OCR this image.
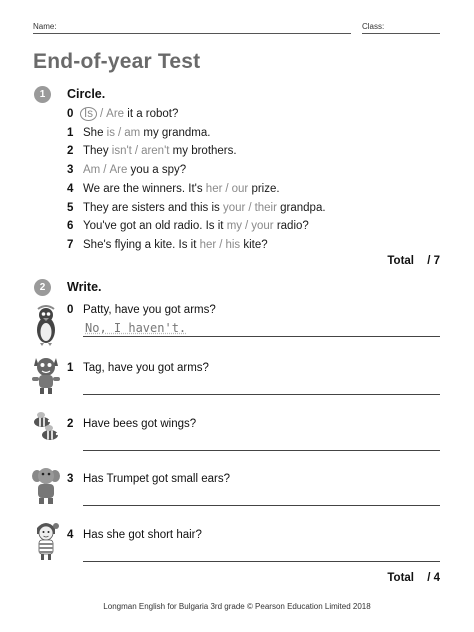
Name:	Class:
End-of-year Test
1	Circle.
0 Is / Are it a robot?
1 She is / am my grandma.
2 They isn't / aren't my brothers.
3 Am / Are you a spy?
4 We are the winners. It's her / our prize.
5 They are sisters and this is your / their grandpa.
6 You've got an old radio. Is it my / your radio?
7 She's flying a kite. Is it her / his kite?
Total / 7
2	Write.
0 Patty, have you got arms?
No, I haven't.
1 Tag, have you got arms?
2 Have bees got wings?
3 Has Trumpet got small ears?
4 Has she got short hair?
Total / 4
Longman English for Bulgaria 3rd grade © Pearson Education Limited 2018
